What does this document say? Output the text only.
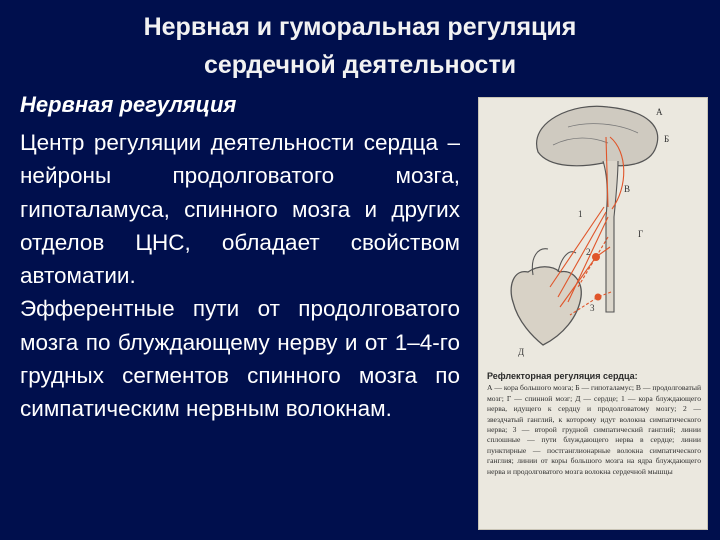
Нервная и гуморальная регуляция
сердечной деятельности
Нервная регуляция
Центр регуляции деятельности сердца – нейроны продолговатого мозга, гипоталамуса, спинного мозга и других отделов ЦНС, обладает свойством автоматии.
Эфферентные пути от продолговатого мозга по блуждающему нерву и от 1–4-го грудных сегментов спинного мозга по симпатическим нервным волокнам.
А
Б
В
Г
Д
1
2
3
Рефлекторная регуляция сердца:
А — кора большого мозга; Б — гипоталамус; В — продолговатый мозг; Г — спинной мозг; Д — сердце; 1 — кора блуждающего нерва, идущего к сердцу и продолговатому мозгу; 2 — звездчатый ганглий, к которому идут волокна симпатического нерва; 3 — второй грудной симпатический ганглий; линии сплошные — пути блуждающего нерва в сердце; линии пунктирные — постганглионарные волокна симпатического ганглия; линии от коры большого мозга на ядра блуждающего нерва и продолговатого мозга волокна сердечной мышцы
